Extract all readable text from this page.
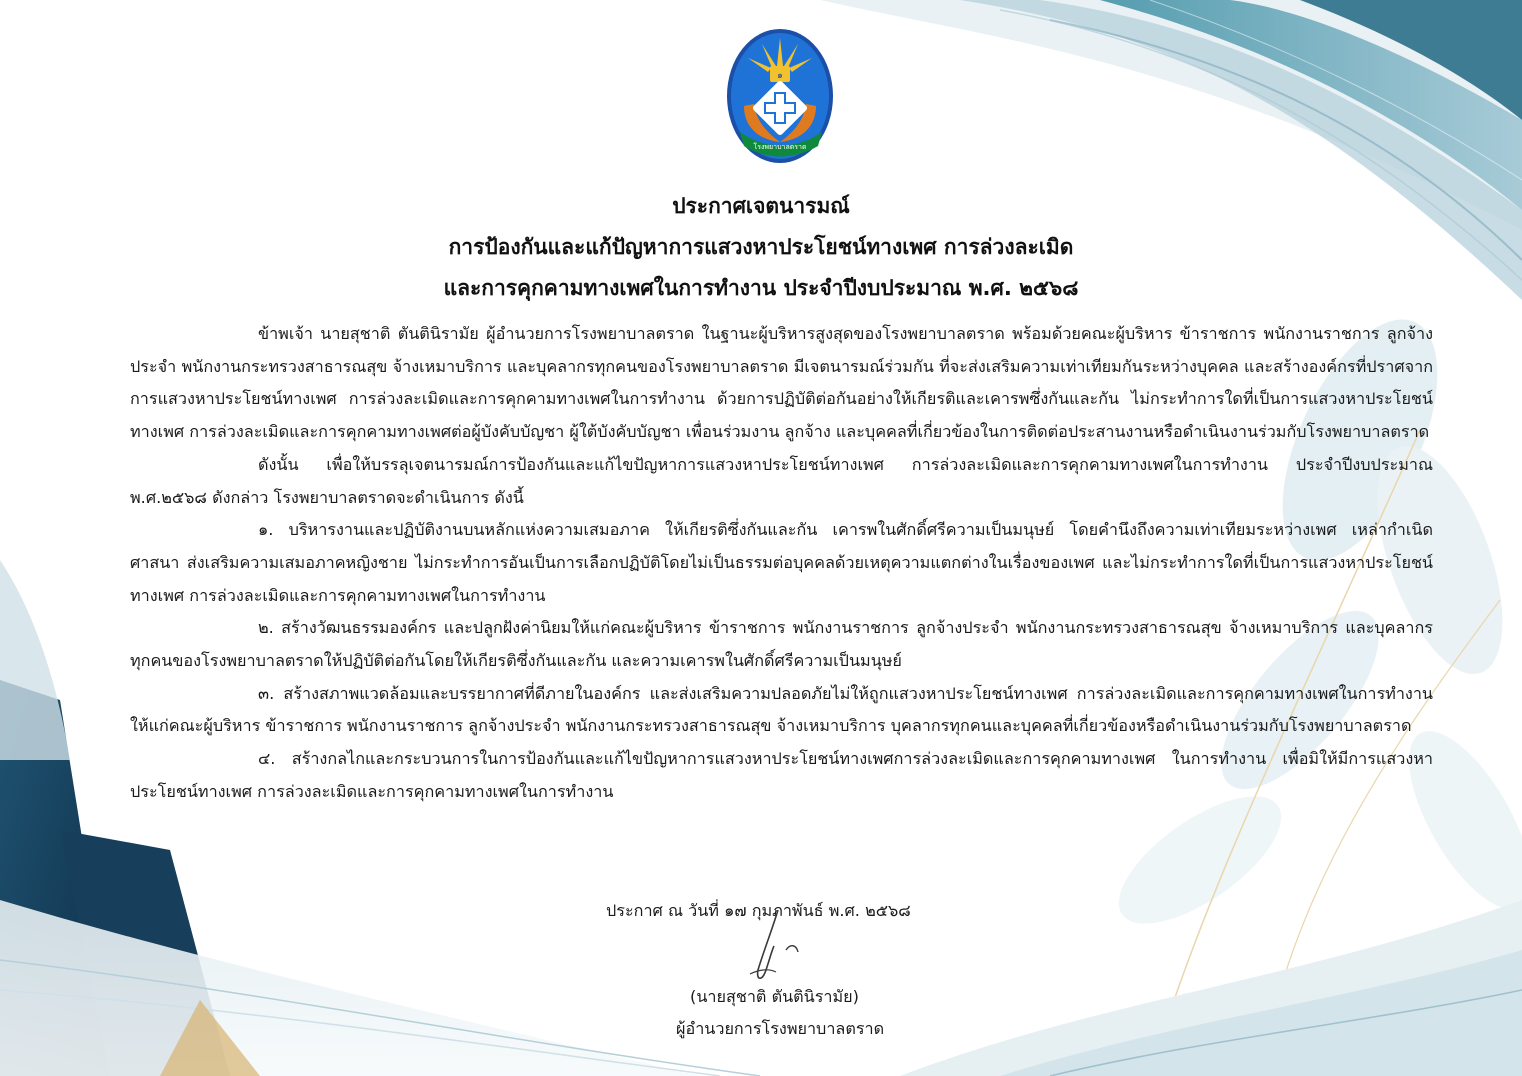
๑
โรงพยาบาลตราด
ประกาศเจตนารมณ์
การป้องกันและแก้ปัญหาการแสวงหาประโยชน์ทางเพศ การล่วงละเมิด
และการคุกคามทางเพศในการทำงาน ประจำปีงบประมาณ พ.ศ. ๒๕๖๘

ข้าพเจ้า นายสุชาติ ตันตินิรามัย ผู้อำนวยการโรงพยาบาลตราด ในฐานะผู้บริหารสูงสุดของโรงพยาบาลตราด พร้อมด้วยคณะผู้บริหาร ข้าราชการ พนักงานราชการ ลูกจ้างประจำ พนักงานกระทรวงสาธารณสุข จ้างเหมาบริการ และบุคลากรทุกคนของโรงพยาบาลตราด มีเจตนารมณ์ร่วมกัน ที่จะส่งเสริมความเท่าเทียมกันระหว่างบุคคล และสร้างองค์กรที่ปราศจากการแสวงหาประโยชน์ทางเพศ การล่วงละเมิดและการคุกคามทางเพศในการทำงาน ด้วยการปฏิบัติต่อกันอย่างให้เกียรติและเคารพซึ่งกันและกัน ไม่กระทำการใดที่เป็นการแสวงหาประโยชน์ทางเพศ การล่วงละเมิดและการคุกคามทางเพศต่อผู้บังคับบัญชา ผู้ใต้บังคับบัญชา เพื่อนร่วมงาน ลูกจ้าง และบุคคลที่เกี่ยวข้องในการติดต่อประสานงานหรือดำเนินงานร่วมกับโรงพยาบาลตราด

ดังนั้น เพื่อให้บรรลุเจตนารมณ์การป้องกันและแก้ไขปัญหาการแสวงหาประโยชน์ทางเพศ การล่วงละเมิดและการคุกคามทางเพศในการทำงาน ประจำปีงบประมาณ พ.ศ.๒๕๖๘ ดังกล่าว โรงพยาบาลตราดจะดำเนินการ ดังนี้

๑. บริหารงานและปฏิบัติงานบนหลักแห่งความเสมอภาค ให้เกียรติซึ่งกันและกัน เคารพในศักดิ์ศรีความเป็นมนุษย์ โดยคำนึงถึงความเท่าเทียมระหว่างเพศ เหล่ากำเนิด ศาสนา ส่งเสริมความเสมอภาคหญิงชาย ไม่กระทำการอันเป็นการเลือกปฏิบัติโดยไม่เป็นธรรมต่อบุคคลด้วยเหตุความแตกต่างในเรื่องของเพศ และไม่กระทำการใดที่เป็นการแสวงหาประโยชน์ทางเพศ การล่วงละเมิดและการคุกคามทางเพศในการทำงาน

๒. สร้างวัฒนธรรมองค์กร และปลูกฝังค่านิยมให้แก่คณะผู้บริหาร ข้าราชการ พนักงานราชการ ลูกจ้างประจำ พนักงานกระทรวงสาธารณสุข จ้างเหมาบริการ และบุคลากรทุกคนของโรงพยาบาลตราดให้ปฏิบัติต่อกันโดยให้เกียรติซึ่งกันและกัน และความเคารพในศักดิ์ศรีความเป็นมนุษย์

๓. สร้างสภาพแวดล้อมและบรรยากาศที่ดีภายในองค์กร และส่งเสริมความปลอดภัยไม่ให้ถูกแสวงหาประโยชน์ทางเพศ การล่วงละเมิดและการคุกคามทางเพศในการทำงาน ให้แก่คณะผู้บริหาร ข้าราชการ พนักงานราชการ ลูกจ้างประจำ พนักงานกระทรวงสาธารณสุข จ้างเหมาบริการ บุคลากรทุกคนและบุคคลที่เกี่ยวข้องหรือดำเนินงานร่วมกับโรงพยาบาลตราด

๔. สร้างกลไกและกระบวนการในการป้องกันและแก้ไขปัญหาการแสวงหาประโยชน์ทางเพศการล่วงละเมิดและการคุกคามทางเพศ ในการทำงาน เพื่อมิให้มีการแสวงหาประโยชน์ทางเพศ การล่วงละเมิดและการคุกคามทางเพศในการทำงาน

ประกาศ ณ วันที่ ๑๗ กุมภาพันธ์ พ.ศ. ๒๕๖๘
(นายสุชาติ ตันตินิรามัย)
ผู้อำนวยการโรงพยาบาลตราด
